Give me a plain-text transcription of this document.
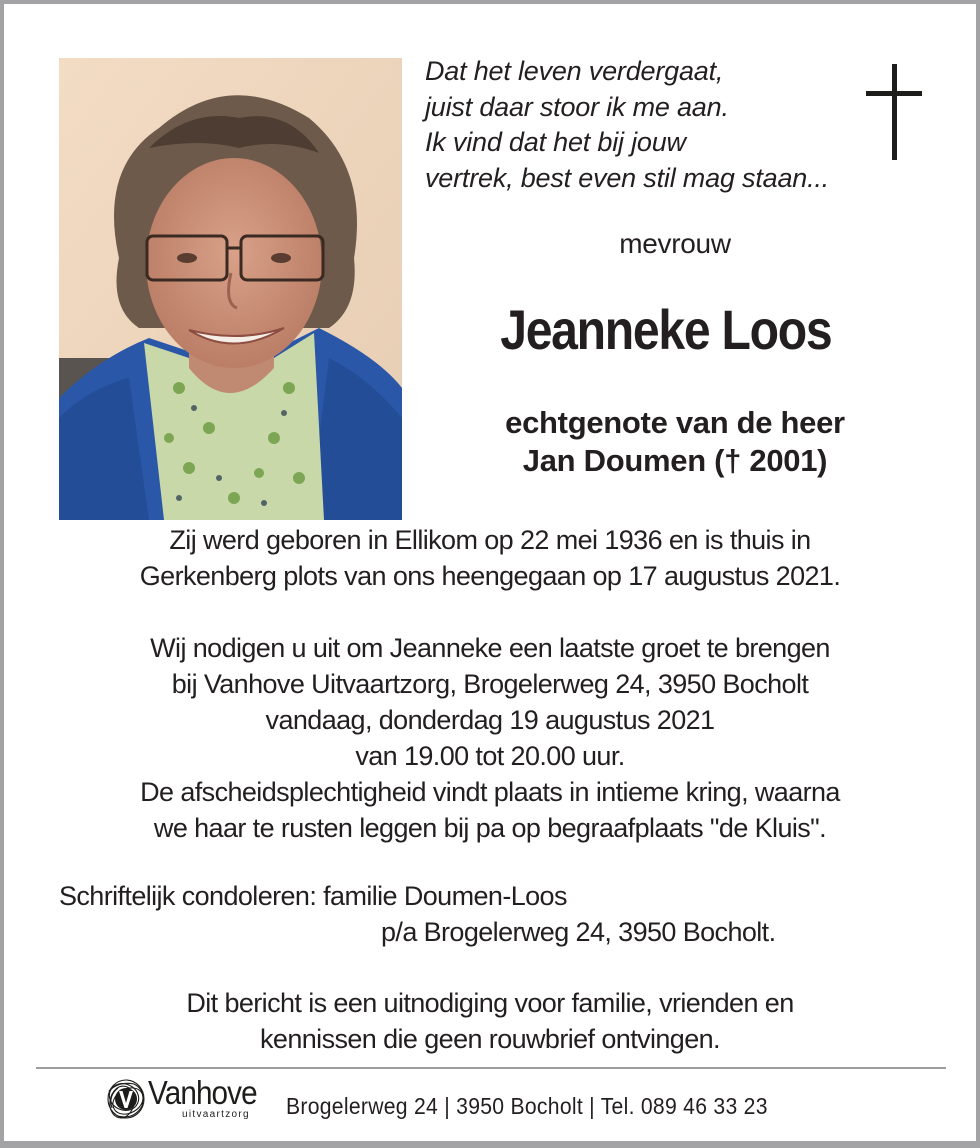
Dat het leven verdergaat,
juist daar stoor ik me aan.
Ik vind dat het bij jouw
vertrek, best even stil mag staan...
mevrouw
Jeanneke Loos
echtgenote van de heer
Jan Doumen († 2001)
Zij werd geboren in Ellikom op 22 mei 1936 en is thuis in
Gerkenberg plots van ons heengegaan op 17 augustus 2021.
Wij nodigen u uit om Jeanneke een laatste groet te brengen
bij Vanhove Uitvaartzorg, Brogelerweg 24, 3950 Bocholt
vandaag, donderdag 19 augustus 2021
van 19.00 tot 20.00 uur.
De afscheidsplechtigheid vindt plaats in intieme kring, waarna
we haar te rusten leggen bij pa op begraafplaats "de Kluis".
Schriftelijk condoleren: familie Doumen-Loos
p/a Brogelerweg 24, 3950 Bocholt.
Dit bericht is een uitnodiging voor familie, vrienden en
kennissen die geen rouwbrief ontvingen.
Vanhove
uitvaartzorg Brogelerweg 24 | 3950 Bocholt | Tel. 089 46 33 23
